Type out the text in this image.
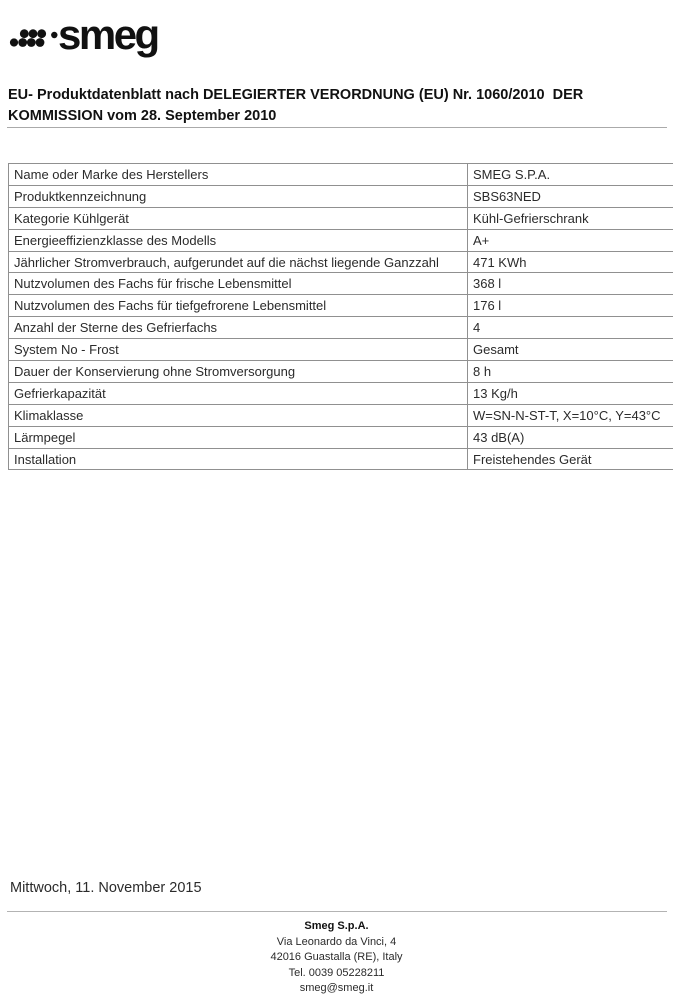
smeg
EU- Produktdatenblatt nach DELEGIERTER VERORDNUNG (EU) Nr. 1060/2010  DER
KOMMISSION vom 28. September 2010
Name oder Marke des Herstellers	SMEG S.P.A.
Produktkennzeichnung	SBS63NED
Kategorie Kühlgerät	Kühl-Gefrierschrank
Energieeffizienzklasse des Modells	A+
Jährlicher Stromverbrauch, aufgerundet auf die nächst liegende Ganzzahl	471 KWh
Nutzvolumen des Fachs für frische Lebensmittel	368 l
Nutzvolumen des Fachs für tiefgefrorene Lebensmittel	176 l
Anzahl der Sterne des Gefrierfachs	4
System No - Frost	Gesamt
Dauer der Konservierung ohne Stromversorgung	8 h
Gefrierkapazität	13 Kg/h
Klimaklasse	W=SN-N-ST-T, X=10°C, Y=43°C
Lärmpegel	43 dB(A)
Installation	Freistehendes Gerät
Mittwoch, 11. November 2015
Smeg S.p.A.
Via Leonardo da Vinci, 4
42016 Guastalla (RE), Italy
Tel. 0039 05228211
smeg@smeg.it
